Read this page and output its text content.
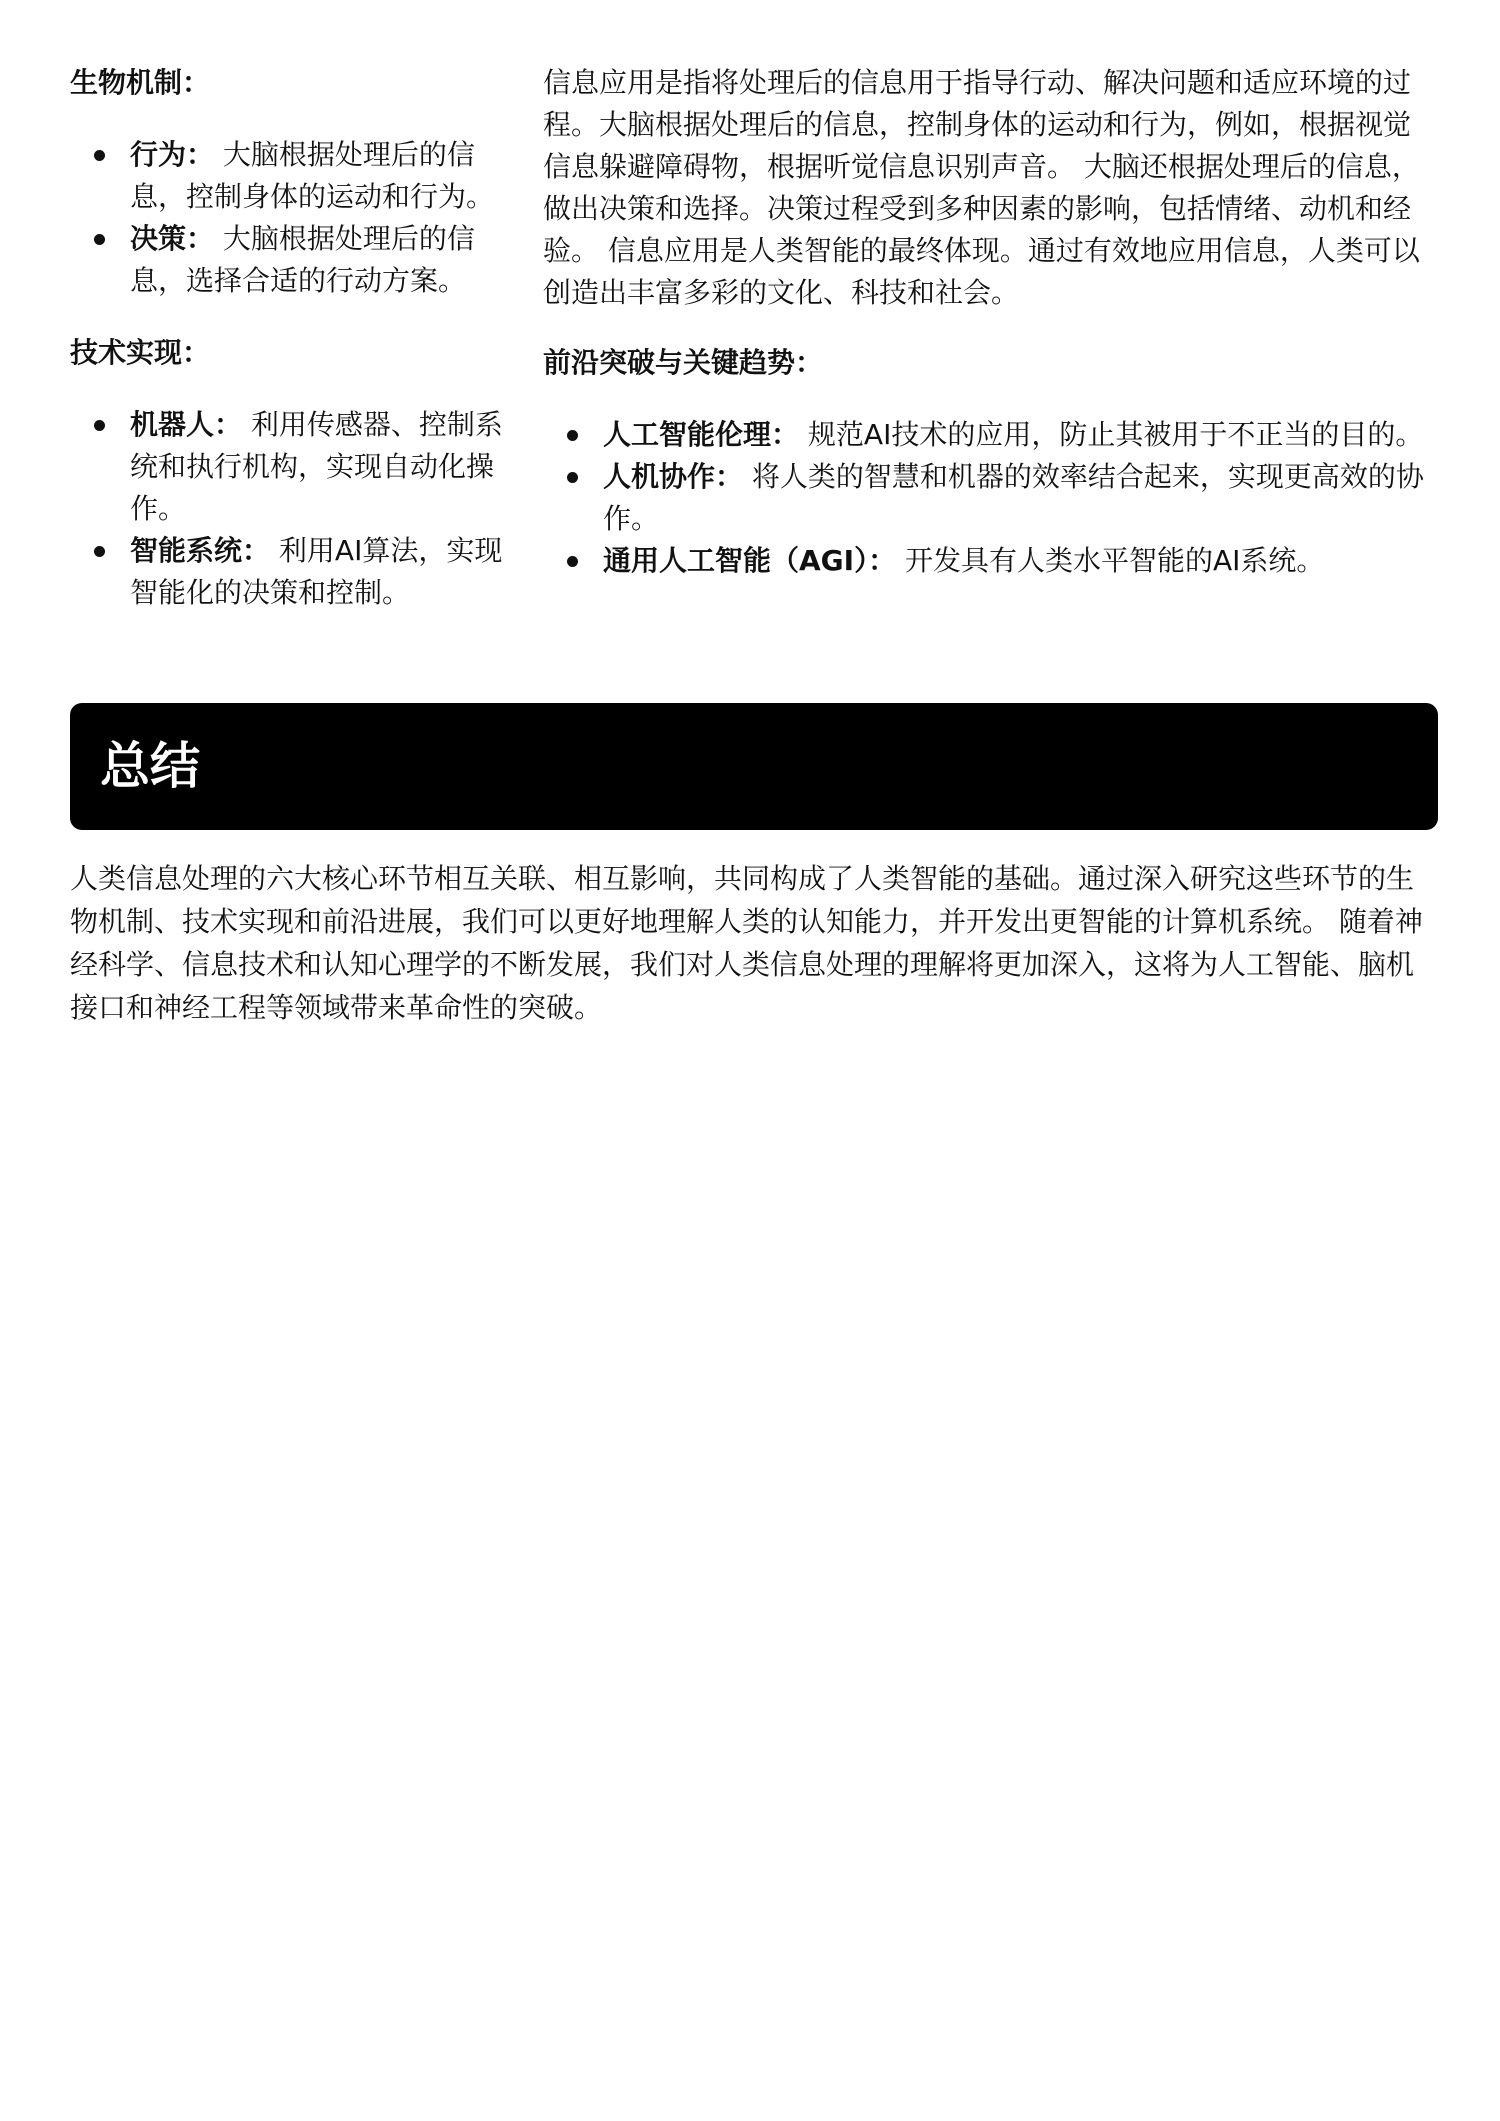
生物机制：

行为： 大脑根据处理后的信息，控制身体的运动和行为。
决策： 大脑根据处理后的信息，选择合适的行动方案。

技术实现：

机器人： 利用传感器、控制系统和执行机构，实现自动化操作。
智能系统： 利用AI算法，实现智能化的决策和控制。

信息应用是指将处理后的信息用于指导行动、解决问题和适应环境的过程。大脑根据处理后的信息，控制身体的运动和行为，例如，根据视觉信息躲避障碍物，根据听觉信息识别声音。 大脑还根据处理后的信息，做出决策和选择。决策过程受到多种因素的影响，包括情绪、动机和经验。 信息应用是人类智能的最终体现。通过有效地应用信息，人类可以创造出丰富多彩的文化、科技和社会。

前沿突破与关键趋势：

人工智能伦理： 规范AI技术的应用，防止其被用于不正当的目的。
人机协作： 将人类的智慧和机器的效率结合起来，实现更高效的协作。
通用人工智能（AGI）： 开发具有人类水平智能的AI系统。
总结

人类信息处理的六大核心环节相互关联、相互影响，共同构成了人类智能的基础。通过深入研究这些环节的生物机制、技术实现和前沿进展，我们可以更好地理解人类的认知能力，并开发出更智能的计算机系统。 随着神经科学、信息技术和认知心理学的不断发展，我们对人类信息处理的理解将更加深入，这将为人工智能、脑机接口和神经工程等领域带来革命性的突破。
